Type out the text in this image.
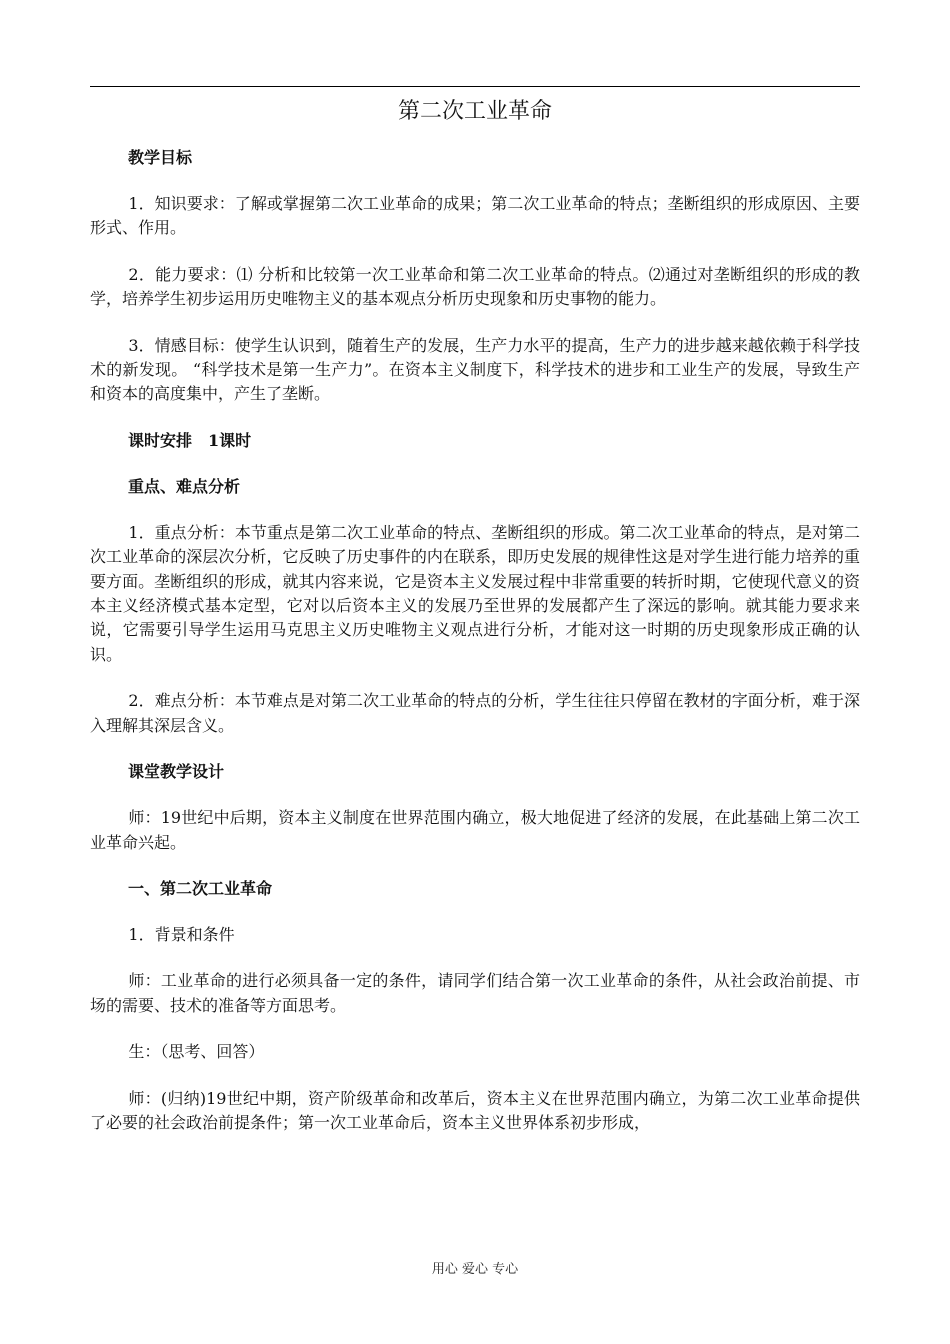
第二次工业革命
教学目标

1．知识要求：了解或掌握第二次工业革命的成果；第二次工业革命的特点；垄断组织的形成原因、主要形式、作用。

2．能力要求：⑴ 分析和比较第一次工业革命和第二次工业革命的特点。⑵通过对垄断组织的形成的教学，培养学生初步运用历史唯物主义的基本观点分析历史现象和历史事物的能力。

3．情感目标：使学生认识到，随着生产的发展，生产力水平的提高，生产力的进步越来越依赖于科学技术的新发现。 “科学技术是第一生产力”。在资本主义制度下，科学技术的进步和工业生产的发展，导致生产和资本的高度集中，产生了垄断。

课时安排　1课时
重点、难点分析

1．重点分析：本节重点是第二次工业革命的特点、垄断组织的形成。第二次工业革命的特点，是对第二次工业革命的深层次分析，它反映了历史事件的内在联系，即历史发展的规律性这是对学生进行能力培养的重要方面。垄断组织的形成，就其内容来说，它是资本主义发展过程中非常重要的转折时期，它使现代意义的资本主义经济模式基本定型，它对以后资本主义的发展乃至世界的发展都产生了深远的影响。就其能力要求来说，它需要引导学生运用马克思主义历史唯物主义观点进行分析，才能对这一时期的历史现象形成正确的认识。

2．难点分析：本节难点是对第二次工业革命的特点的分析，学生往往只停留在教材的字面分析，难于深入理解其深层含义。

课堂教学设计

师：19世纪中后期，资本主义制度在世界范围内确立，极大地促进了经济的发展，在此基础上第二次工业革命兴起。

一、第二次工业革命

1．背景和条件

师：工业革命的进行必须具备一定的条件，请同学们结合第一次工业革命的条件，从社会政治前提、市场的需要、技术的准备等方面思考。

生：（思考、回答）

师：(归纳)19世纪中期，资产阶级革命和改革后，资本主义在世界范围内确立，为第二次工业革命提供了必要的社会政治前提条件；第一次工业革命后，资本主义世界体系初步形成，

用心 爱心 专心
